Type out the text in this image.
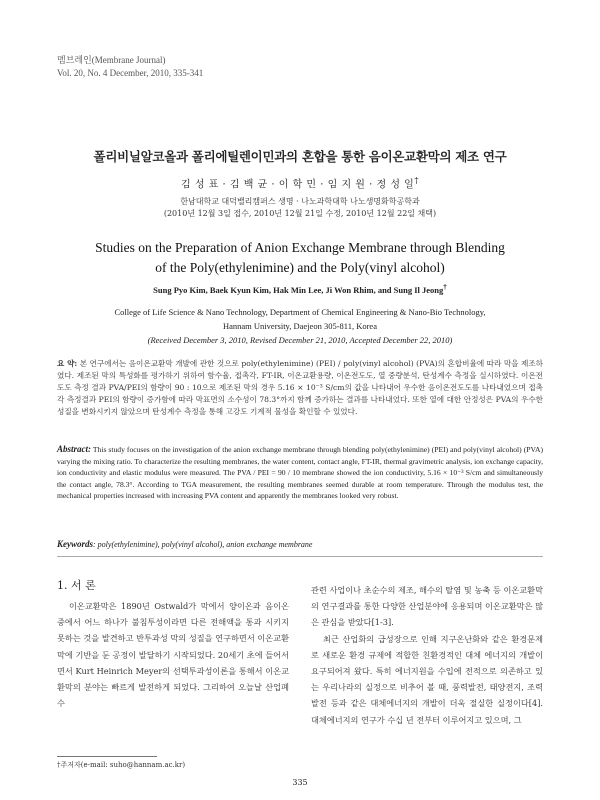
멤브레인(Membrane Journal)
Vol. 20, No. 4 December, 2010, 335-341
폴리비닐알코올과 폴리에틸렌이민과의 혼합을 통한 음이온교환막의 제조 연구
김 성 표 · 김 백 균 · 이 학 민 · 임 지 원 · 정 성 일†
한남대학교 대덕밸리캠퍼스 생명 · 나노과학대학 나노생명화학공학과
(2010년 12월 3일 접수, 2010년 12월 21일 수정, 2010년 12월 22일 채택)
Studies on the Preparation of Anion Exchange Membrane through Blending
of the Poly(ethylenimine) and the Poly(vinyl alcohol)
Sung Pyo Kim, Baek Kyun Kim, Hak Min Lee, Ji Won Rhim, and Sung Il Jeong†
College of Life Science & Nano Technology, Department of Chemical Engineering & Nano-Bio Technology,
Hannam University, Daejeon 305-811, Korea
(Received December 3, 2010, Revised December 21, 2010, Accepted December 22, 2010)
요 약: 본 연구에서는 음이온교환막 개발에 관한 것으로 poly(ethylenimine) (PEI) / poly(vinyl alcohol) (PVA)의 혼합비율에 따라 막을 제조하였다. 제조된 막의 특성화를 평가하기 위하여 함수율, 접촉각, FT-IR, 이온교환용량, 이온전도도, 열 중량분석, 탄성계수 측정을 실시하였다. 이온전도도 측정 결과 PVA/PEI의 함량이 90 : 10으로 제조된 막의 경우 5.16 × 10⁻³ S/cm의 값을 나타내어 우수한 음이온전도도를 나타내었으며 접촉각 측정결과 PEI의 함량이 증가함에 따라 막표면의 소수성이 78.3°까지 함께 증가하는 결과를 나타내었다. 또한 열에 대한 안정성은 PVA의 우수한 성질을 변화시키지 않았으며 탄성계수 측정을 통해 고강도 기계적 물성을 확인할 수 있었다.
Abstract: This study focuses on the investigation of the anion exchange membrane through blending poly(ethylenimine) (PEI) and poly(vinyl alcohol) (PVA) varying the mixing ratio. To characterize the resulting membranes, the water content, contact angle, FT-IR, thermal gravimetric analysis, ion exchange capacity, ion conductivity and elastic modulus were measured. The PVA / PEI = 90 / 10 membrane showed the ion conductivity, 5.16 × 10⁻³ S/cm and simultaneously the contact angle, 78.3°. According to TGA measurement, the resulting membranes seemed durable at room temperature. Through the modulus test, the mechanical properties increased with increasing PVA content and apparently the membranes looked very robust.
Keywords: poly(ethylenimine), poly(vinyl alcohol), anion exchange membrane
1. 서 론

이온교환막은 1890년 Ostwald가 막에서 양이온과 음이온 중에서 어느 하나가 불침투성이라면 다른 전해액을 통과 시키지 못하는 것을 발견하고 반투과성 막의 성질을 연구하면서 이온교환막에 기반을 둔 공정이 발달하기 시작되었다. 20세기 초에 들어서면서 Kurt Heinrich Meyer의 선택투과성이론을 통해서 이온교환막의 분야는 빠르게 발전하게 되었다. 그리하여 오늘날 산업폐수

관련 사업이나 초순수의 제조, 해수의 탈염 및 농축 등 이온교환막의 연구결과를 통한 다양한 산업분야에 응용되며 이온교환막은 많은 관심을 받았다[1-3].

최근 산업화의 급성장으로 인해 지구온난화와 같은 환경문제로 새로운 환경 규제에 적합한 친환경적인 대체 에너지의 개발이 요구되어져 왔다. 특히 에너지원을 수입에 전적으로 의존하고 있는 우리나라의 실정으로 비추어 볼 때, 풍력발전, 태양전지, 조력발전 등과 같은 대체에너지의 개발이 더욱 절실한 실정이다[4]. 대체에너지의 연구가 수십 년 전부터 이루어지고 있으며, 그

†주저자(e-mail: suho@hannam.ac.kr)
335
